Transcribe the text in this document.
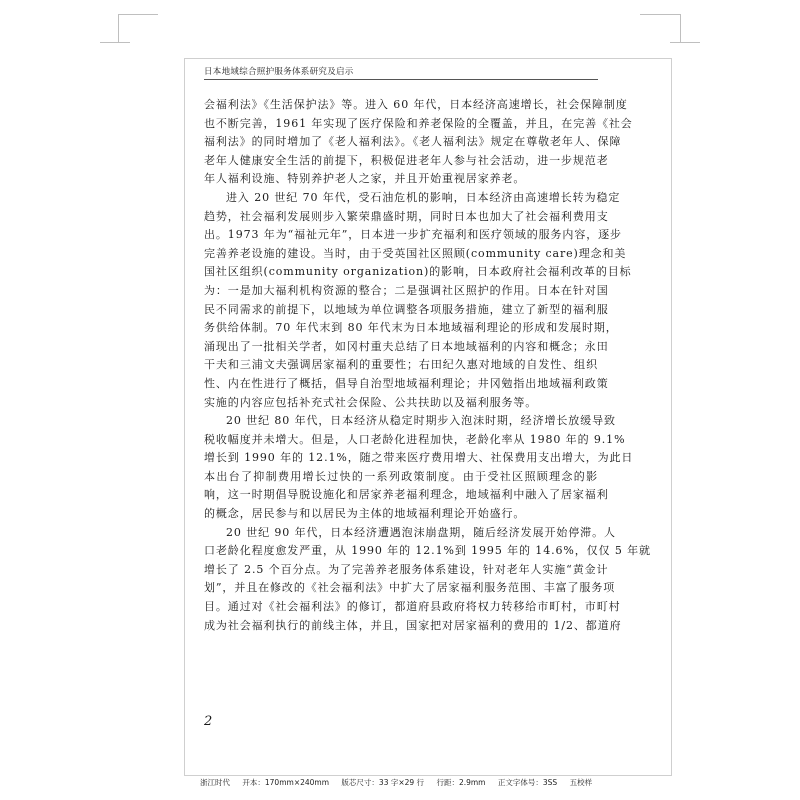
日本地域综合照护服务体系研究及启示
会福利法》《生活保护法》等。进入 60 年代，日本经济高速增长，社会保障制度
也不断完善，1961 年实现了医疗保险和养老保险的全覆盖，并且，在完善《社会
福利法》的同时增加了《老人福利法》。《老人福利法》规定在尊敬老年人、保障
老年人健康安全生活的前提下，积极促进老年人参与社会活动，进一步规范老
年人福利设施、特别养护老人之家，并且开始重视居家养老。
进入 20 世纪 70 年代，受石油危机的影响，日本经济由高速增长转为稳定
趋势，社会福利发展则步入繁荣鼎盛时期，同时日本也加大了社会福利费用支
出。1973 年为“福祉元年”，日本进一步扩充福利和医疗领域的服务内容，逐步
完善养老设施的建设。当时，由于受英国社区照顾(community care)理念和美
国社区组织(community organization)的影响，日本政府社会福利改革的目标
为：一是加大福利机构资源的整合；二是强调社区照护的作用。日本在针对国
民不同需求的前提下，以地域为单位调整各项服务措施，建立了新型的福利服
务供给体制。70 年代末到 80 年代末为日本地域福利理论的形成和发展时期，
涌现出了一批相关学者，如冈村重夫总结了日本地域福利的内容和概念；永田
干夫和三浦文夫强调居家福利的重要性；右田纪久惠对地域的自发性、组织
性、内在性进行了概括，倡导自治型地域福利理论；井冈勉指出地域福利政策
实施的内容应包括补充式社会保险、公共扶助以及福利服务等。
20 世纪 80 年代，日本经济从稳定时期步入泡沫时期，经济增长放缓导致
税收幅度并未增大。但是，人口老龄化进程加快，老龄化率从 1980 年的 9.1%
增长到 1990 年的 12.1%，随之带来医疗费用增大、社保费用支出增大，为此日
本出台了抑制费用增长过快的一系列政策制度。由于受社区照顾理念的影
响，这一时期倡导脱设施化和居家养老福利理念，地域福利中融入了居家福利
的概念，居民参与和以居民为主体的地域福利理论开始盛行。
20 世纪 90 年代，日本经济遭遇泡沫崩盘期，随后经济发展开始停滞。人
口老龄化程度愈发严重，从 1990 年的 12.1%到 1995 年的 14.6%，仅仅 5 年就
增长了 2.5 个百分点。为了完善养老服务体系建设，针对老年人实施“黄金计
划”，并且在修改的《社会福利法》中扩大了居家福利服务范围、丰富了服务项
目。通过对《社会福利法》的修订，都道府县政府将权力转移给市町村，市町村
成为社会福利执行的前线主体，并且，国家把对居家福利的费用的 1/2、都道府
2
浙江时代 开本：170mm×240mm 版芯尺寸：33 字×29 行 行距：2.9mm 正文字体号：3SS 五校样
